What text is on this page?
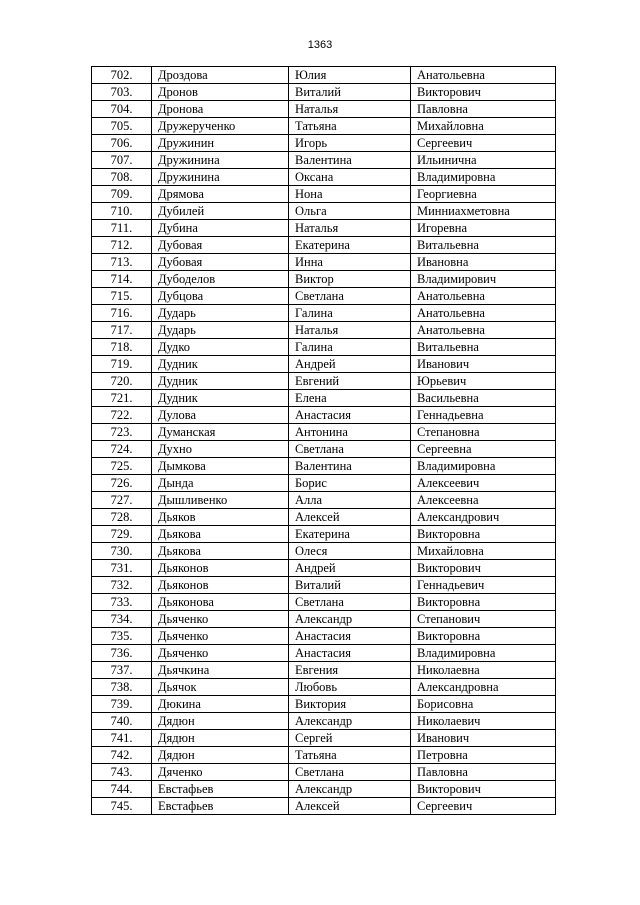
1363
702.	Дроздова	Юлия	Анатольевна
703.	Дронов	Виталий	Викторович
704.	Дронова	Наталья	Павловна
705.	Дружерученко	Татьяна	Михайловна
706.	Дружинин	Игорь	Сергеевич
707.	Дружинина	Валентина	Ильинична
708.	Дружинина	Оксана	Владимировна
709.	Дрямова	Нона	Георгиевна
710.	Дубилей	Ольга	Минниахметовна
711.	Дубина	Наталья	Игоревна
712.	Дубовая	Екатерина	Витальевна
713.	Дубовая	Инна	Ивановна
714.	Дубоделов	Виктор	Владимирович
715.	Дубцова	Светлана	Анатольевна
716.	Дударь	Галина	Анатольевна
717.	Дударь	Наталья	Анатольевна
718.	Дудко	Галина	Витальевна
719.	Дудник	Андрей	Иванович
720.	Дудник	Евгений	Юрьевич
721.	Дудник	Елена	Васильевна
722.	Дулова	Анастасия	Геннадьевна
723.	Думанская	Антонина	Степановна
724.	Духно	Светлана	Сергеевна
725.	Дымкова	Валентина	Владимировна
726.	Дында	Борис	Алексеевич
727.	Дышливенко	Алла	Алексеевна
728.	Дьяков	Алексей	Александрович
729.	Дьякова	Екатерина	Викторовна
730.	Дьякова	Олеся	Михайловна
731.	Дьяконов	Андрей	Викторович
732.	Дьяконов	Виталий	Геннадьевич
733.	Дьяконова	Светлана	Викторовна
734.	Дьяченко	Александр	Степанович
735.	Дьяченко	Анастасия	Викторовна
736.	Дьяченко	Анастасия	Владимировна
737.	Дьячкина	Евгения	Николаевна
738.	Дьячок	Любовь	Александровна
739.	Дюкина	Виктория	Борисовна
740.	Дядюн	Александр	Николаевич
741.	Дядюн	Сергей	Иванович
742.	Дядюн	Татьяна	Петровна
743.	Дяченко	Светлана	Павловна
744.	Евстафьев	Александр	Викторович
745.	Евстафьев	Алексей	Сергеевич
